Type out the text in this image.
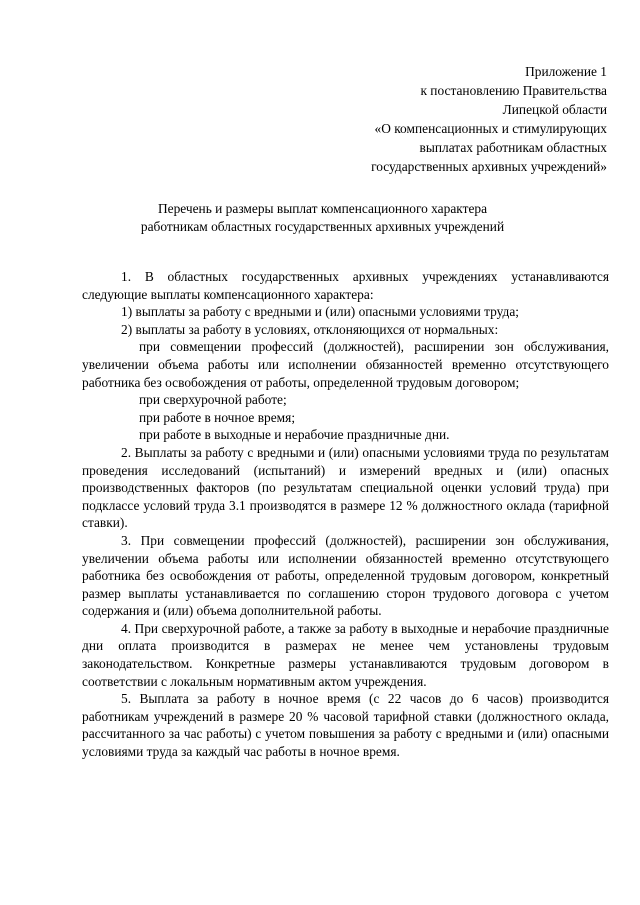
Приложение 1
к постановлению Правительства
Липецкой области
«О компенсационных и стимулирующих
выплатах работникам областных
государственных архивных учреждений»
Перечень и размеры выплат компенсационного характера
работникам областных государственных архивных учреждений

1. В областных государственных архивных учреждениях устанавливаются следующие выплаты компенсационного характера:

1) выплаты за работу с вредными и (или) опасными условиями труда;

2) выплаты за работу в условиях, отклоняющихся от нормальных:

при совмещении профессий (должностей), расширении зон обслуживания, увеличении объема работы или исполнении обязанностей временно отсутствующего работника без освобождения от работы, определенной трудовым договором;

при сверхурочной работе;

при работе в ночное время;

при работе в выходные и нерабочие праздничные дни.

2. Выплаты за работу с вредными и (или) опасными условиями труда по результатам проведения исследований (испытаний) и измерений вредных и (или) опасных производственных факторов (по результатам специальной оценки условий труда) при подклассе условий труда 3.1 производятся в размере 12 % должностного оклада (тарифной ставки).

3. При совмещении профессий (должностей), расширении зон обслуживания, увеличении объема работы или исполнении обязанностей временно отсутствующего работника без освобождения от работы, определенной трудовым договором, конкретный размер выплаты устанавливается по соглашению сторон трудового договора с учетом содержания и (или) объема дополнительной работы.

4. При сверхурочной работе, а также за работу в выходные и нерабочие праздничные дни оплата производится в размерах не менее чем установлены трудовым законодательством. Конкретные размеры устанавливаются трудовым договором в соответствии с локальным нормативным актом учреждения.

5. Выплата за работу в ночное время (с 22 часов до 6 часов) производится работникам учреждений в размере 20 % часовой тарифной ставки (должностного оклада, рассчитанного за час работы) с учетом повышения за работу с вредными и (или) опасными условиями труда за каждый час работы в ночное время.
